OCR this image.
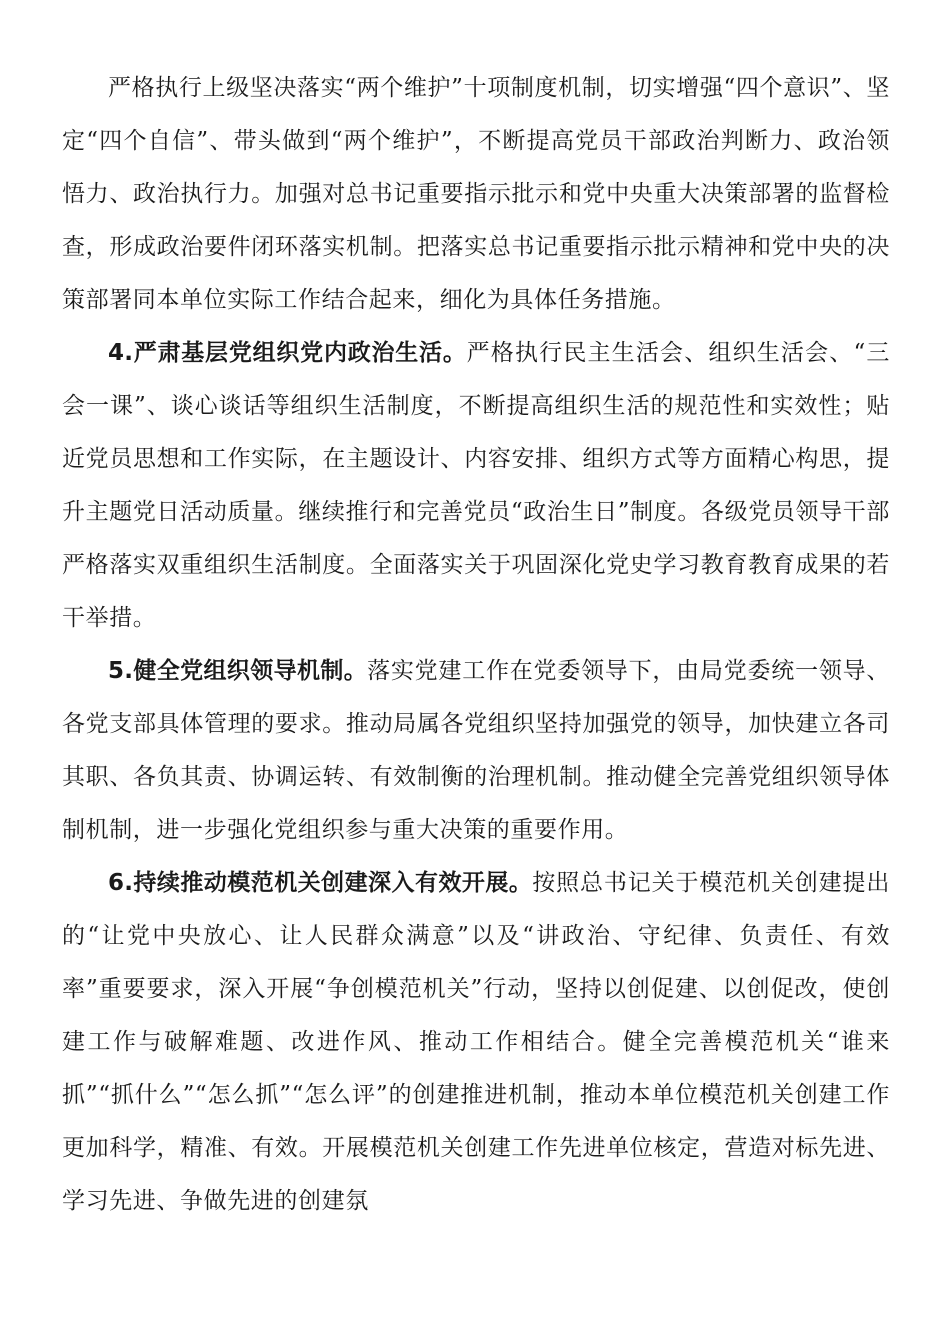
严格执行上级坚决落实“两个维护”十项制度机制，切实增强“四个意识”、坚定“四个自信”、带头做到“两个维护”，不断提高党员干部政治判断力、政治领悟力、政治执行力。加强对总书记重要指示批示和党中央重大决策部署的监督检查，形成政治要件闭环落实机制。把落实总书记重要指示批示精神和党中央的决策部署同本单位实际工作结合起来，细化为具体任务措施。

4.严肃基层党组织党内政治生活。严格执行民主生活会、组织生活会、“三会一课”、谈心谈话等组织生活制度，不断提高组织生活的规范性和实效性；贴近党员思想和工作实际，在主题设计、内容安排、组织方式等方面精心构思，提升主题党日活动质量。继续推行和完善党员“政治生日”制度。各级党员领导干部严格落实双重组织生活制度。全面落实关于巩固深化党史学习教育教育成果的若干举措。

5.健全党组织领导机制。落实党建工作在党委领导下，由局党委统一领导、各党支部具体管理的要求。推动局属各党组织坚持加强党的领导，加快建立各司其职、各负其责、协调运转、有效制衡的治理机制。推动健全完善党组织领导体制机制，进一步强化党组织参与重大决策的重要作用。

6.持续推动模范机关创建深入有效开展。按照总书记关于模范机关创建提出的“让党中央放心、让人民群众满意”以及“讲政治、守纪律、负责任、有效率”重要要求，深入开展“争创模范机关”行动，坚持以创促建、以创促改，使创建工作与破解难题、改进作风、推动工作相结合。健全完善模范机关“谁来抓”“抓什么”“怎么抓”“怎么评”的创建推进机制，推动本单位模范机关创建工作更加科学，精准、有效。开展模范机关创建工作先进单位核定，营造对标先进、学习先进、争做先进的创建氛
